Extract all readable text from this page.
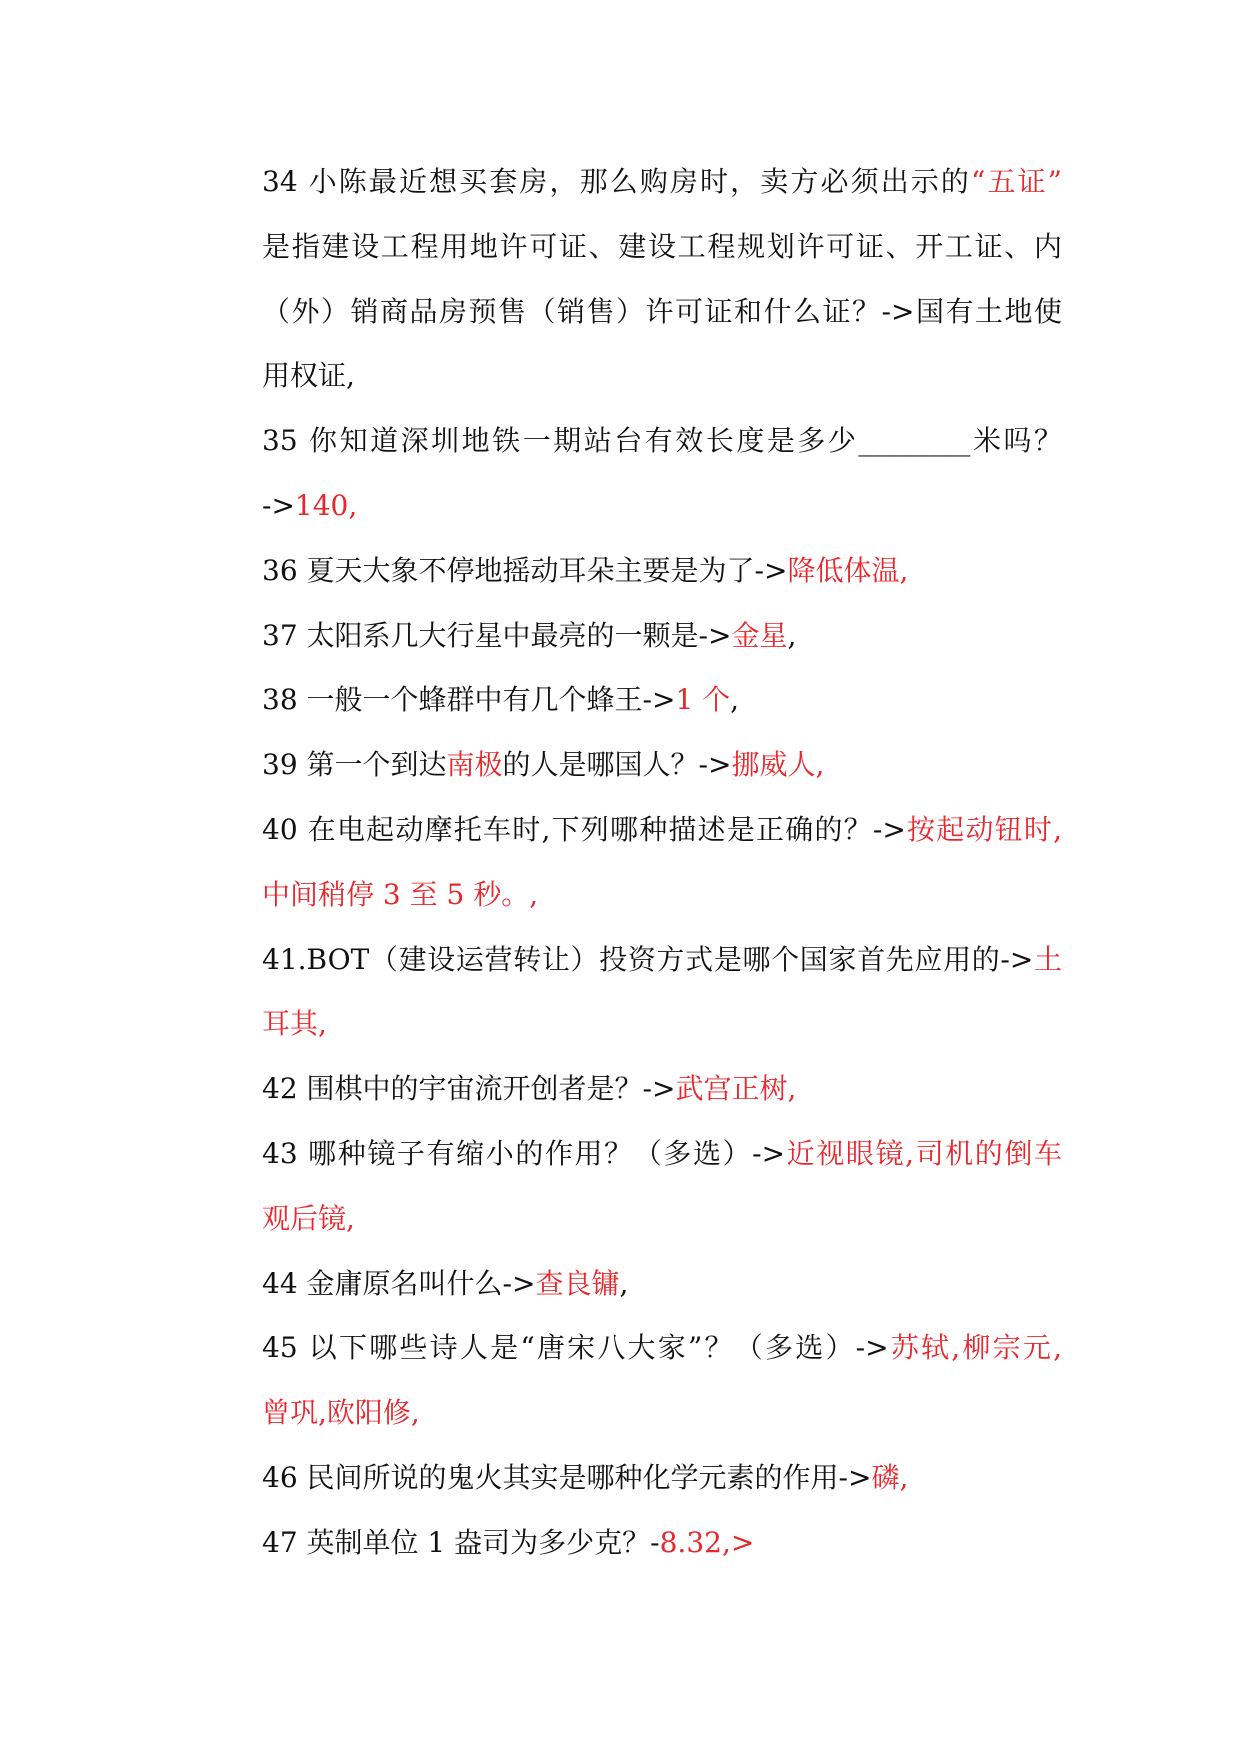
34 小陈最近想买套房，那么购房时，卖方必须出示的“五证”
是指建设工程用地许可证、建设工程规划许可证、开工证、内
（外）销商品房预售（销售）许可证和什么证？->国有土地使
用权证,
35 你知道深圳地铁一期站台有效长度是多少________米吗？
->140,
36 夏天大象不停地摇动耳朵主要是为了->降低体温,
37 太阳系几大行星中最亮的一颗是->金星,
38 一般一个蜂群中有几个蜂王->1 个,
39 第一个到达南极的人是哪国人？->挪威人,
40 在电起动摩托车时,下列哪种描述是正确的？->按起动钮时,
中间稍停 3 至 5 秒。,
41.BOT（建设运营转让）投资方式是哪个国家首先应用的->土
耳其,
42 围棋中的宇宙流开创者是？->武宫正树,
43 哪种镜子有缩小的作用？（多选）->近视眼镜,司机的倒车
观后镜,
44 金庸原名叫什么->查良镛,
45 以下哪些诗人是“唐宋八大家”？（多选）->苏轼,柳宗元,
曾巩,欧阳修,
46 民间所说的鬼火其实是哪种化学元素的作用->磷,
47 英制单位 1 盎司为多少克？-8.32,>
